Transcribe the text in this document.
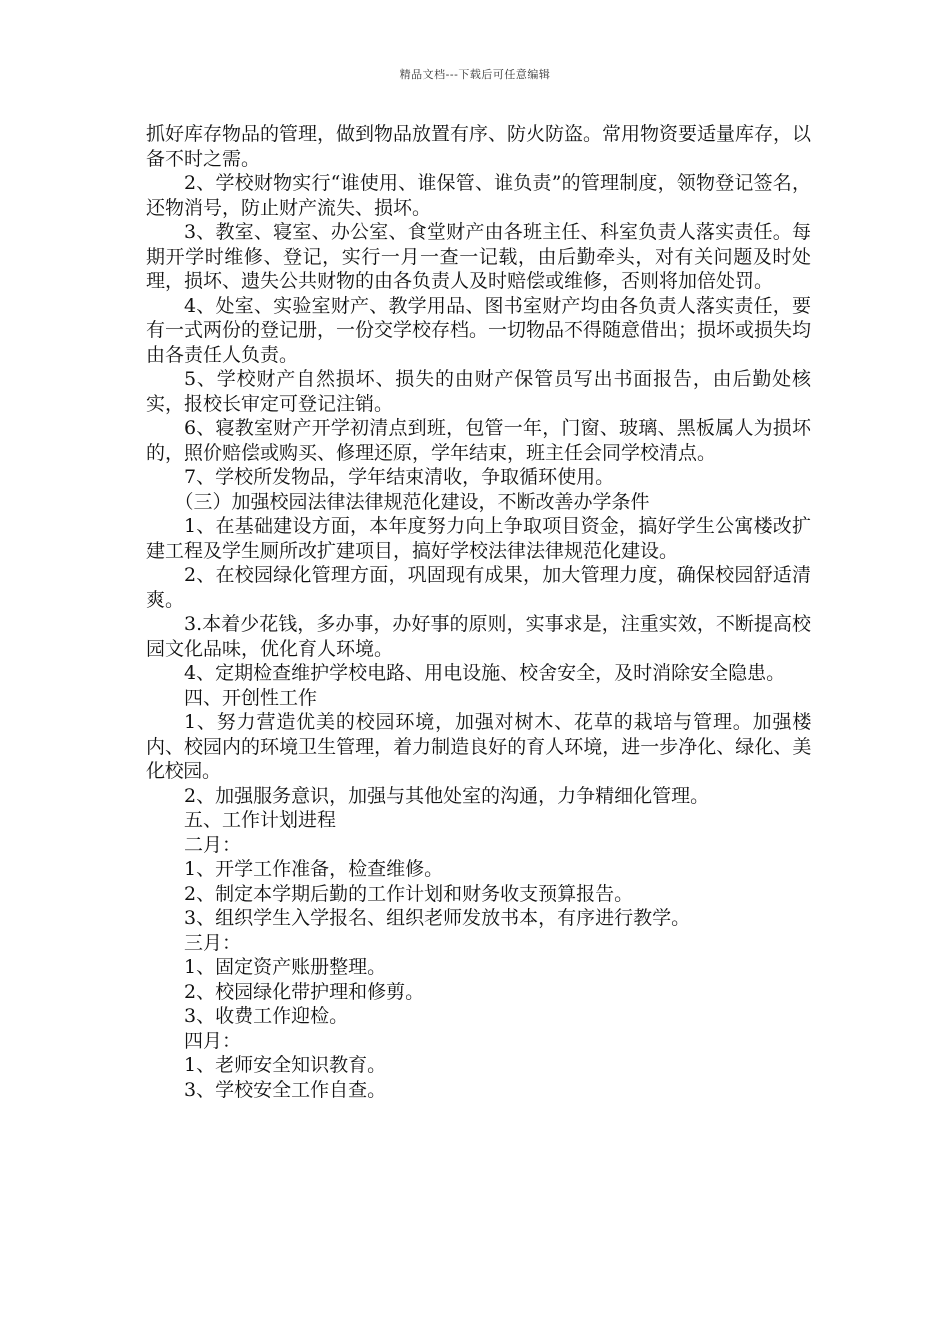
精品文档---下载后可任意编辑

抓好库存物品的管理，做到物品放置有序、防火防盗。常用物资要适量库存，以备不时之需。

2、学校财物实行“谁使用、谁保管、谁负责”的管理制度，领物登记签名，还物消号，防止财产流失、损坏。

3、教室、寝室、办公室、食堂财产由各班主任、科室负责人落实责任。每期开学时维修、登记，实行一月一查一记载，由后勤牵头，对有关问题及时处理，损坏、遗失公共财物的由各负责人及时赔偿或维修，否则将加倍处罚。

4、处室、实验室财产、教学用品、图书室财产均由各负责人落实责任，要有一式两份的登记册，一份交学校存档。一切物品不得随意借出；损坏或损失均由各责任人负责。

5、学校财产自然损坏、损失的由财产保管员写出书面报告，由后勤处核实，报校长审定可登记注销。

6、寝教室财产开学初清点到班，包管一年，门窗、玻璃、黑板属人为损坏的，照价赔偿或购买、修理还原，学年结束，班主任会同学校清点。

7、学校所发物品，学年结束清收，争取循环使用。

（三）加强校园法律法律规范化建设，不断改善办学条件

1、在基础建设方面，本年度努力向上争取项目资金，搞好学生公寓楼改扩建工程及学生厕所改扩建项目，搞好学校法律法律规范化建设。

2、在校园绿化管理方面，巩固现有成果，加大管理力度，确保校园舒适清爽。

3.本着少花钱，多办事，办好事的原则，实事求是，注重实效，不断提高校园文化品味，优化育人环境。

4、定期检查维护学校电路、用电设施、校舍安全，及时消除安全隐患。

四、开创性工作

1、努力营造优美的校园环境，加强对树木、花草的栽培与管理。加强楼内、校园内的环境卫生管理，着力制造良好的育人环境，进一步净化、绿化、美化校园。

2、加强服务意识，加强与其他处室的沟通，力争精细化管理。

五、工作计划进程

二月：

1、开学工作准备，检查维修。

2、制定本学期后勤的工作计划和财务收支预算报告。

3、组织学生入学报名、组织老师发放书本，有序进行教学。

三月：

1、固定资产账册整理。

2、校园绿化带护理和修剪。

3、收费工作迎检。

四月：

1、老师安全知识教育。

3、学校安全工作自查。
